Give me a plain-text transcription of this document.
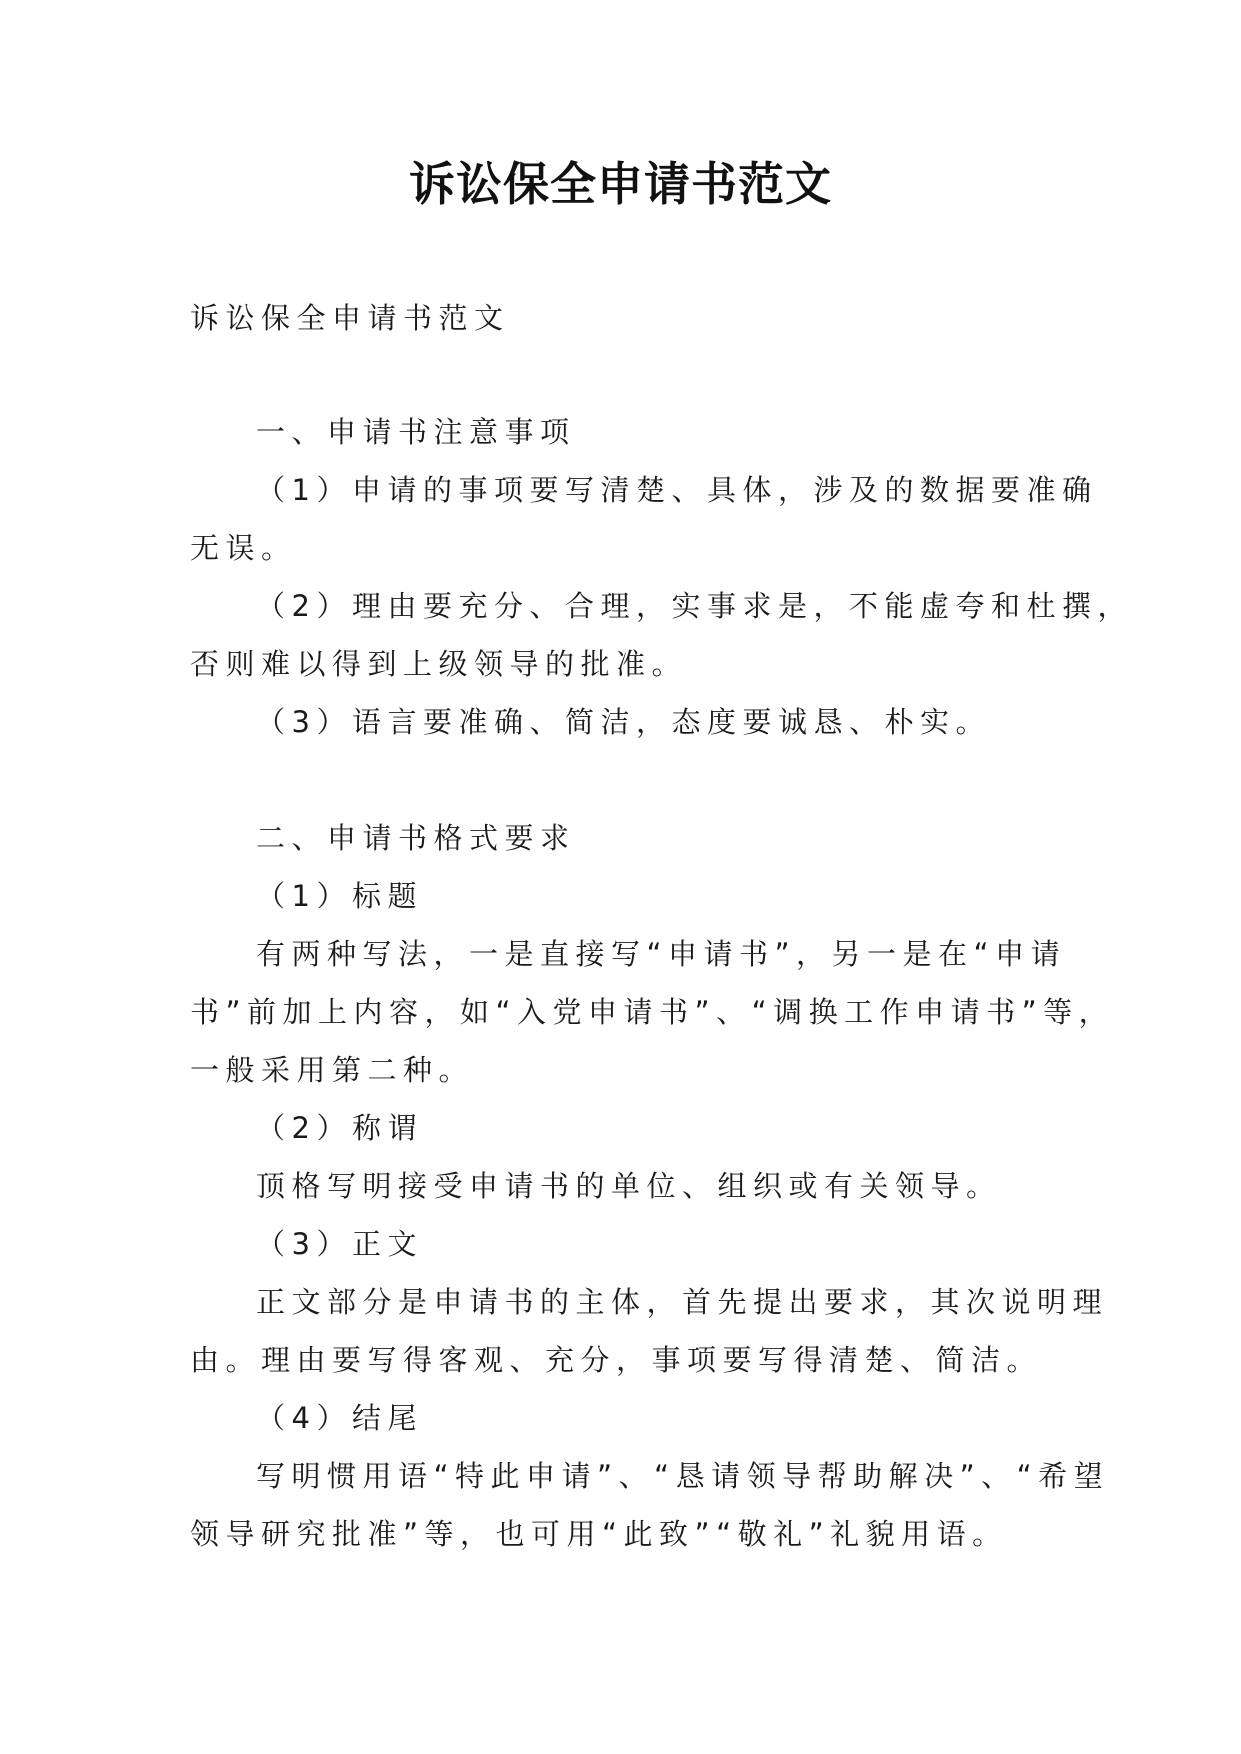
诉讼保全申请书范文
诉讼保全申请书范文
一、申请书注意事项
（1）申请的事项要写清楚、具体，涉及的数据要准确
无误。
（2）理由要充分、合理，实事求是，不能虚夸和杜撰，
否则难以得到上级领导的批准。
（3）语言要准确、简洁，态度要诚恳、朴实。
二、申请书格式要求
（1）标题
有两种写法，一是直接写“申请书”，另一是在“申请
书”前加上内容，如“入党申请书”、“调换工作申请书”等，
一般采用第二种。
（2）称谓
顶格写明接受申请书的单位、组织或有关领导。
（3）正文
正文部分是申请书的主体，首先提出要求，其次说明理
由。理由要写得客观、充分，事项要写得清楚、简洁。
（4）结尾
写明惯用语“特此申请”、“恳请领导帮助解决”、“希望
领导研究批准”等，也可用“此致”“敬礼”礼貌用语。
